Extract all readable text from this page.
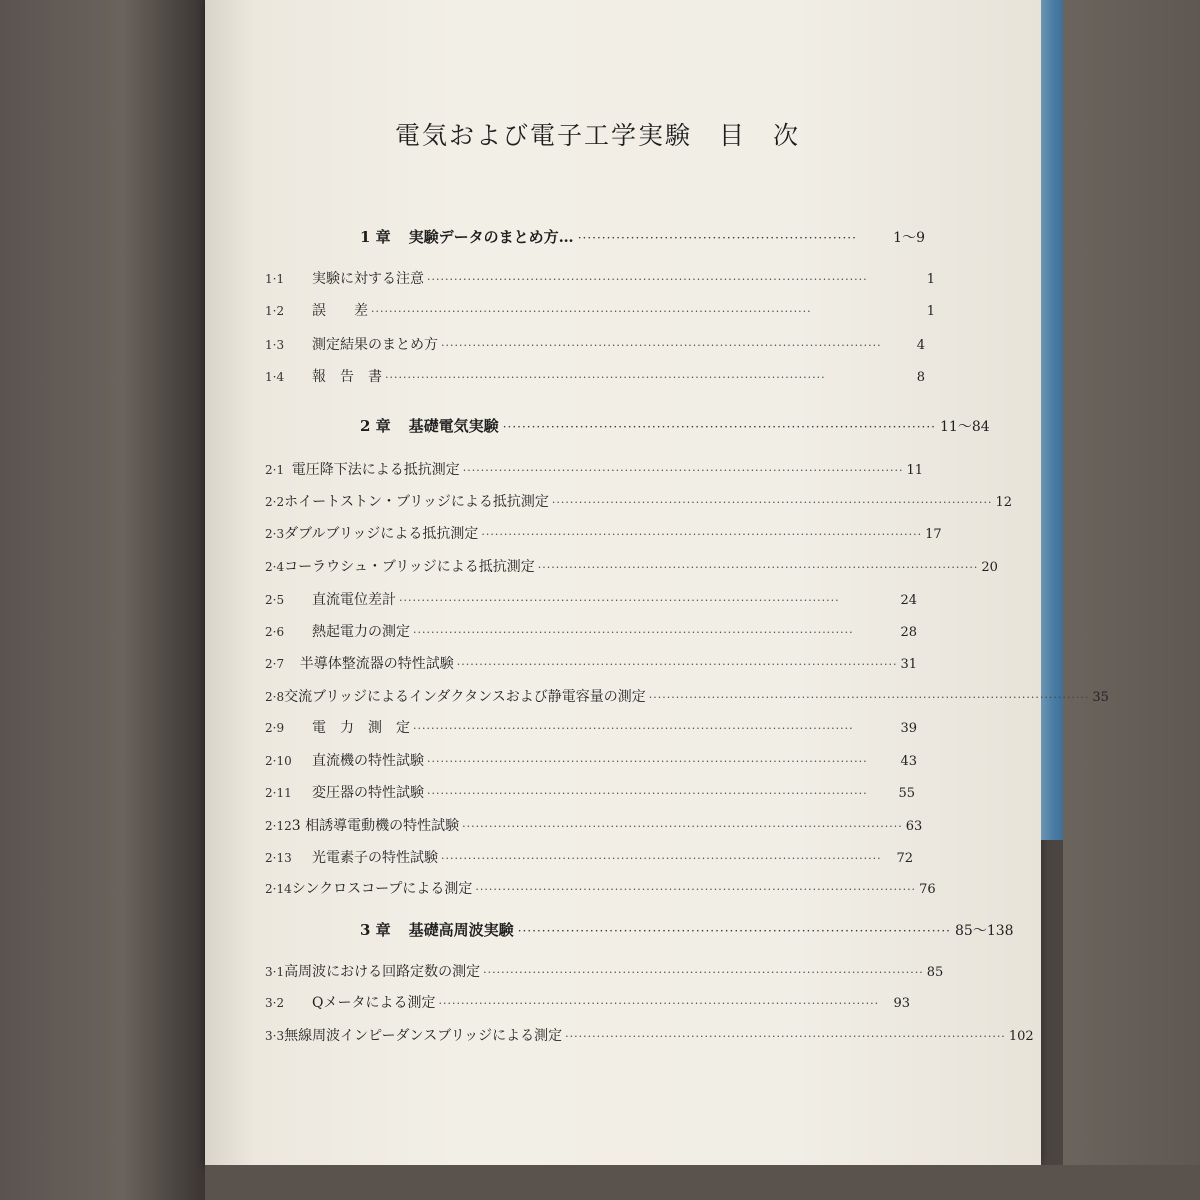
電気および電子工学実験　目　次
1 章 実験データのまとめ方… ··························································	1～9
1·1	実験に対する注意 ··································································································	1
1·2	誤　　差 ··································································································	1
1·3	測定結果のまとめ方 ··································································································	4
1·4	報　告　書 ··································································································	8
2 章 基礎電気実験 ·························································································· 11～84
2·1 電圧降下法による抵抗測定 ·································································································· 11
2·2 ホイートストン・ブリッジによる抵抗測定 ·································································································· 12
2·3 ダブルブリッジによる抵抗測定 ·································································································· 17
2·4 コーラウシュ・ブリッジによる抵抗測定 ·································································································· 20
2·5	直流電位差計 ··································································································	24
2·6	熱起電力の測定 ··································································································	28
2·7	半導体整流器の特性試験 ·································································································· 31
2·8 交流ブリッジによるインダクタンスおよび静電容量の測定 ·································································································· 35
2·9	電　力　測　定 ··································································································	39
2·10	直流機の特性試験 ··································································································	43
2·11	変圧器の特性試験 ··································································································	55
2·12 3 相誘導電動機の特性試験 ·································································································· 63
2·13	光電素子の特性試験 ··································································································	72
2·14 シンクロスコープによる測定 ·································································································· 76
3 章 基礎高周波実験 ·························································································· 85～138
3·1 高周波における回路定数の測定 ·································································································· 85
3·2	Qメータによる測定 ··································································································	93
3·3 無線周波インピーダンスブリッジによる測定 ·································································································· 102
